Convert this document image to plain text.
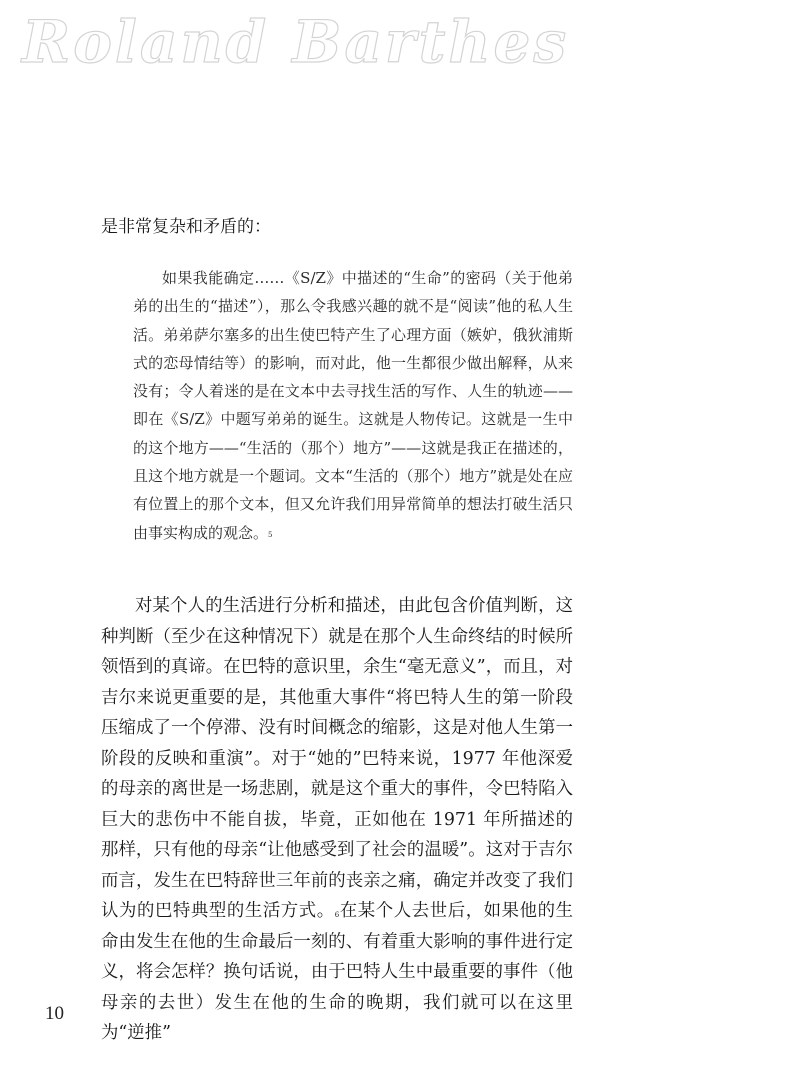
Roland Barthes

是非常复杂和矛盾的：

如果我能确定……《S/Z》中描述的“生命”的密码（关于他弟弟的出生的“描述”），那么令我感兴趣的就不是“阅读”他的私人生活。弟弟萨尔塞多的出生使巴特产生了心理方面（嫉妒，俄狄浦斯式的恋母情结等）的影响，而对此，他一生都很少做出解释，从来没有；令人着迷的是在文本中去寻找生活的写作、人生的轨迹——即在《S/Z》中题写弟弟的诞生。这就是人物传记。这就是一生中的这个地方——“生活的（那个）地方”——这就是我正在描述的，且这个地方就是一个题词。文本“生活的（那个）地方”就是处在应有位置上的那个文本，但又允许我们用异常简单的想法打破生活只由事实构成的观念。$^5$

对某个人的生活进行分析和描述，由此包含价值判断，这种判断（至少在这种情况下）就是在那个人生命终结的时候所领悟到的真谛。在巴特的意识里，余生“毫无意义”，而且，对吉尔来说更重要的是，其他重大事件“将巴特人生的第一阶段压缩成了一个停滞、没有时间概念的缩影，这是对他人生第一阶段的反映和重演”。对于“她的”巴特来说，1977 年他深爱的母亲的离世是一场悲剧，就是这个重大的事件，令巴特陷入巨大的悲伤中不能自拔，毕竟，正如他在 1971 年所描述的那样，只有他的母亲“让他感受到了社会的温暖”。这对于吉尔而言，发生在巴特辞世三年前的丧亲之痛，确定并改变了我们认为的巴特典型的生活方式。$^6$在某个人去世后，如果他的生命由发生在他的生命最后一刻的、有着重大影响的事件进行定义，将会怎样？换句话说，由于巴特人生中最重要的事件（他母亲的去世）发生在他的生命的晚期，我们就可以在这里为“逆推”

10
